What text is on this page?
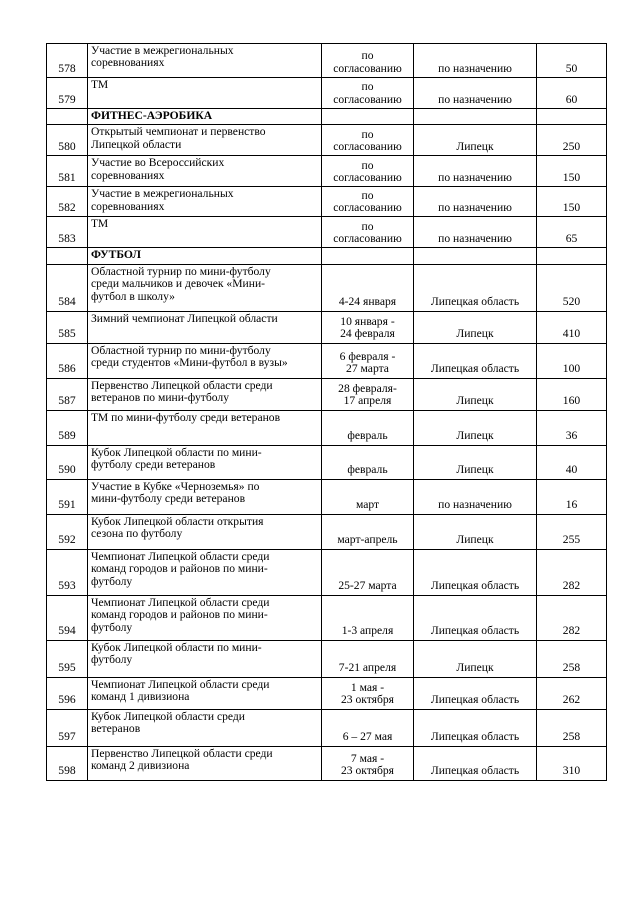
578	Участие в межрегиональных
соревнованиях	по
согласованию	по назначению	50
579	ТМ	по
согласованию	по назначению	60
	ФИТНЕС-АЭРОБИКА			
580	Открытый чемпионат и первенство
Липецкой области	по
согласованию	Липецк	250
581	Участие во Всероссийских
соревнованиях	по
согласованию	по назначению	150
582	Участие в межрегиональных
соревнованиях	по
согласованию	по назначению	150
583	ТМ	по
согласованию	по назначению	65
	ФУТБОЛ			
584	Областной турнир по мини-футболу
среди мальчиков и девочек «Мини-
футбол в школу»	4-24 января	Липецкая область	520
585	Зимний чемпионат Липецкой области	10 января -
24 февраля	Липецк	410
586	Областной турнир по мини-футболу
среди студентов «Мини-футбол в вузы»	6 февраля -
27 марта	Липецкая область	100
587	Первенство Липецкой области среди
ветеранов по мини-футболу	28 февраля-
17 апреля	Липецк	160
589	ТМ по мини-футболу среди ветеранов	февраль	Липецк	36
590	Кубок Липецкой области по мини-
футболу среди ветеранов	февраль	Липецк	40
591	Участие в Кубке «Черноземья» по
мини-футболу среди ветеранов	март	по назначению	16
592	Кубок Липецкой области открытия
сезона по футболу	март-апрель	Липецк	255
593	Чемпионат Липецкой области среди
команд городов и районов по мини-
футболу	25-27 марта	Липецкая область	282
594	Чемпионат Липецкой области среди
команд городов и районов по мини-
футболу	1-3 апреля	Липецкая область	282
595	Кубок Липецкой области по мини-
футболу	7-21 апреля	Липецк	258
596	Чемпионат Липецкой области среди
команд 1 дивизиона	1 мая -
23 октября	Липецкая область	262
597	Кубок Липецкой области среди
ветеранов	6 – 27 мая	Липецкая область	258
598	Первенство Липецкой области среди
команд 2 дивизиона	7 мая -
23 октября	Липецкая область	310
